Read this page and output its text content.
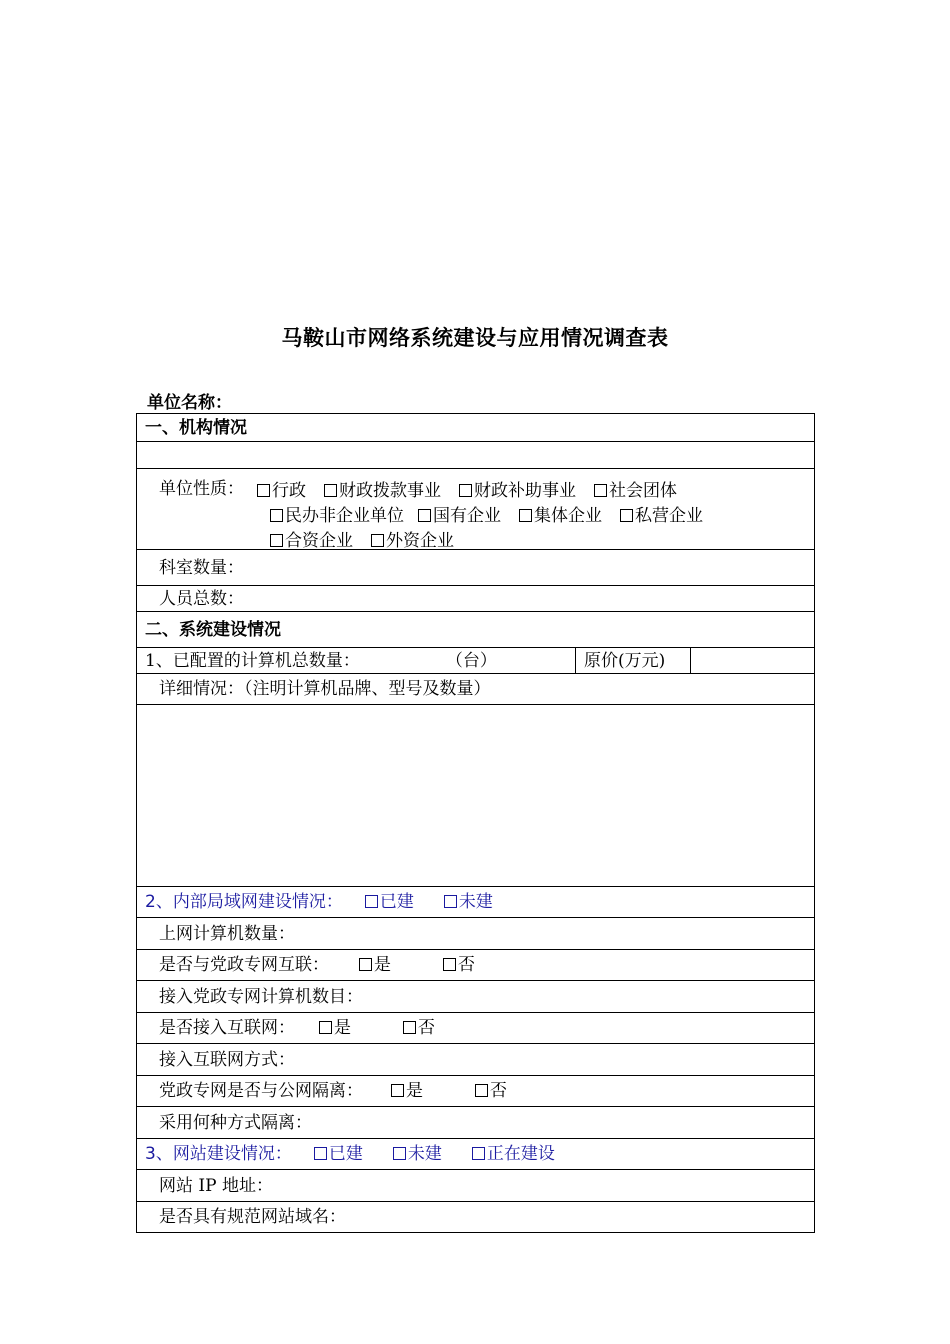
马鞍山市网络系统建设与应用情况调查表
单位名称：
一、机构情况
单位性质：	行政 财政拨款事业 财政补助事业 社会团体
民办非企业单位 国有企业 集体企业 私营企业
合资企业 外资企业
科室数量：
人员总数：
二、系统建设情况
1、已配置的计算机总数量：	（台）	原价(万元)
详细情况：（注明计算机品牌、型号及数量）
2、内部局域网建设情况：	已建	未建
上网计算机数量：
是否与党政专网互联：	是	否
接入党政专网计算机数目：
是否接入互联网：	是	否
接入互联网方式：
党政专网是否与公网隔离：	是	否
采用何种方式隔离：
3、网站建设情况：	已建	未建	正在建设
网站 IP 地址：
是否具有规范网站域名：
